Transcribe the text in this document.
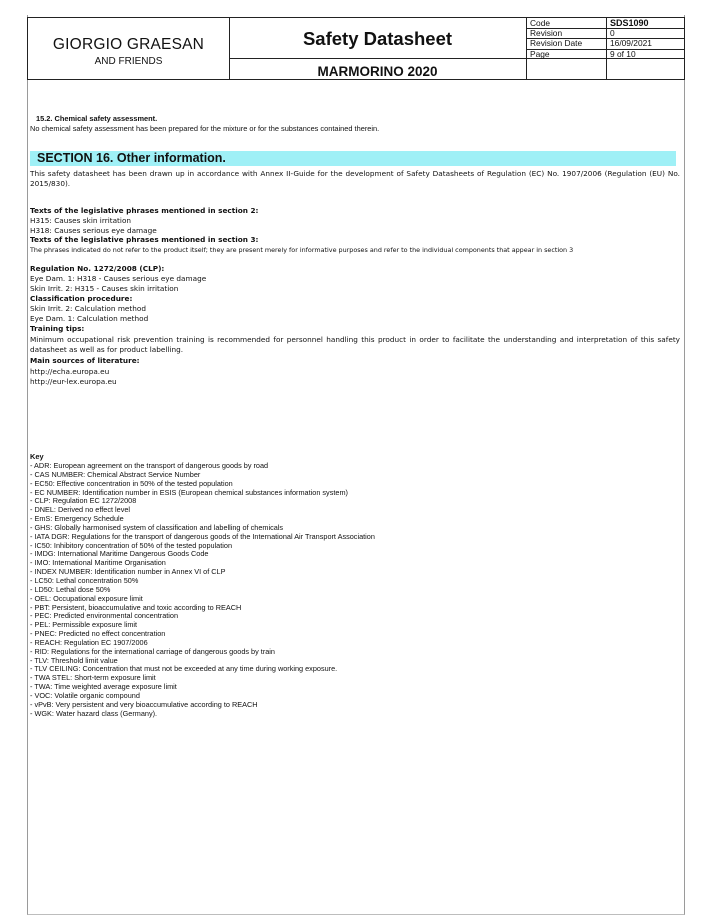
GIORGIO GRAESAN
AND FRIENDS
Safety Datasheet
MARMORINO 2020
Code	SDS1090
Revision	0
Revision Date	16/09/2021
Page	9 of 10
15.2. Chemical safety assessment.
No chemical safety assessment has been prepared for the mixture or for the substances contained therein.
SECTION 16. Other information.
This safety datasheet has been drawn up in accordance with Annex II-Guide for the development of Safety Datasheets of Regulation (EC) No. 1907/2006 (Regulation (EU) No. 2015/830).
Texts of the legislative phrases mentioned in section 2:
H315: Causes skin irritation
H318: Causes serious eye damage
Texts of the legislative phrases mentioned in section 3:
The phrases indicated do not refer to the product itself; they are present merely for informative purposes and refer to the individual components that appear in section 3
Regulation No. 1272/2008 (CLP):
Eye Dam. 1: H318 - Causes serious eye damage
Skin Irrit. 2: H315 - Causes skin irritation
Classification procedure:
Skin Irrit. 2: Calculation method
Eye Dam. 1: Calculation method
Training tips:
Minimum occupational risk prevention training is recommended for personnel handling this product in order to facilitate the understanding and interpretation of this safety datasheet as well as for product labelling.
Main sources of literature:
http://echa.europa.eu
http://eur-lex.europa.eu
Key
- ADR: European agreement on the transport of dangerous goods by road
- CAS NUMBER: Chemical Abstract Service Number
- EC50: Effective concentration in 50% of the tested population
- EC NUMBER: Identification number in ESIS (European chemical substances information system)
- CLP: Regulation EC 1272/2008
- DNEL: Derived no effect level
- EmS: Emergency Schedule
- GHS: Globally harmonised system of classification and labelling of chemicals
- IATA DGR: Regulations for the transport of dangerous goods of the International Air Transport Association
- IC50: Inhibitory concentration of 50% of the tested population
- IMDG: International Maritime Dangerous Goods Code
- IMO: International Maritime Organisation
- INDEX NUMBER: Identification number in Annex VI of CLP
- LC50: Lethal concentration 50%
- LD50: Lethal dose 50%
- OEL: Occupational exposure limit
- PBT: Persistent, bioaccumulative and toxic according to REACH
- PEC: Predicted environmental concentration
- PEL: Permissible exposure limit
- PNEC: Predicted no effect concentration
- REACH: Regulation EC 1907/2006
- RID: Regulations for the international carriage of dangerous goods by train
- TLV: Threshold limit value
- TLV CEILING: Concentration that must not be exceeded at any time during working exposure.
- TWA STEL: Short-term exposure limit
- TWA: Time weighted average exposure limit
- VOC: Volatile organic compound
- vPvB: Very persistent and very bioaccumulative according to REACH
- WGK: Water hazard class (Germany).
